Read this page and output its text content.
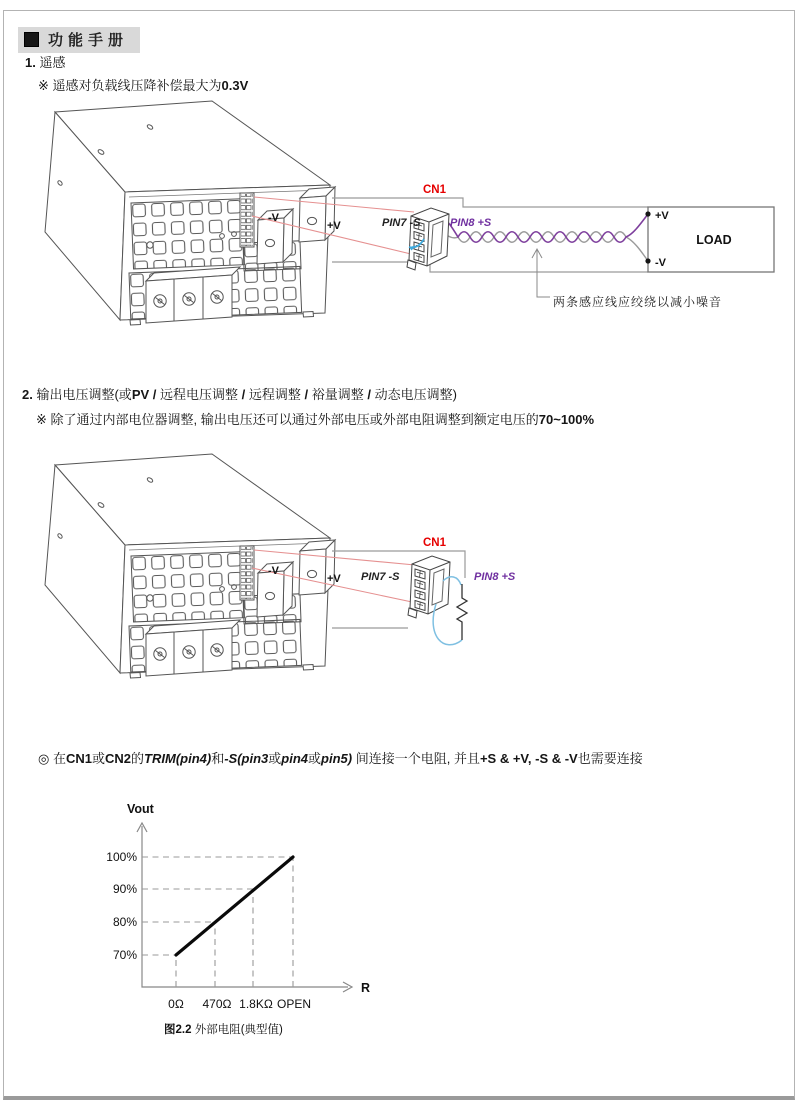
功能手册
1. 遥感
※ 遥感对负载线压降补偿最大为0.3V
2. 输出电压调整(或PV / 远程电压调整 / 远程调整 / 裕量调整 / 动态电压调整)
※ 除了通过内部电位器调整, 输出电压还可以通过外部电压或外部电阻调整到额定电压的70~100%
◎ 在CN1或CN2的TRIM(pin4)和-S(pin3或pin4或pin5) 间连接一个电阻, 并且+S & +V, -S & -V也需要连接
LOAD
+V
-V
CN1
PIN7 -S	PIN8 +S
-V
+V
两条感应线应绞绕以减小噪音
CN1
PIN7 -S	PIN8 +S
-V
+V
Vout
R
100%
90%
80%
70%
0Ω 470Ω 1.8KΩ OPEN
图2.2 外部电阻(典型值)
